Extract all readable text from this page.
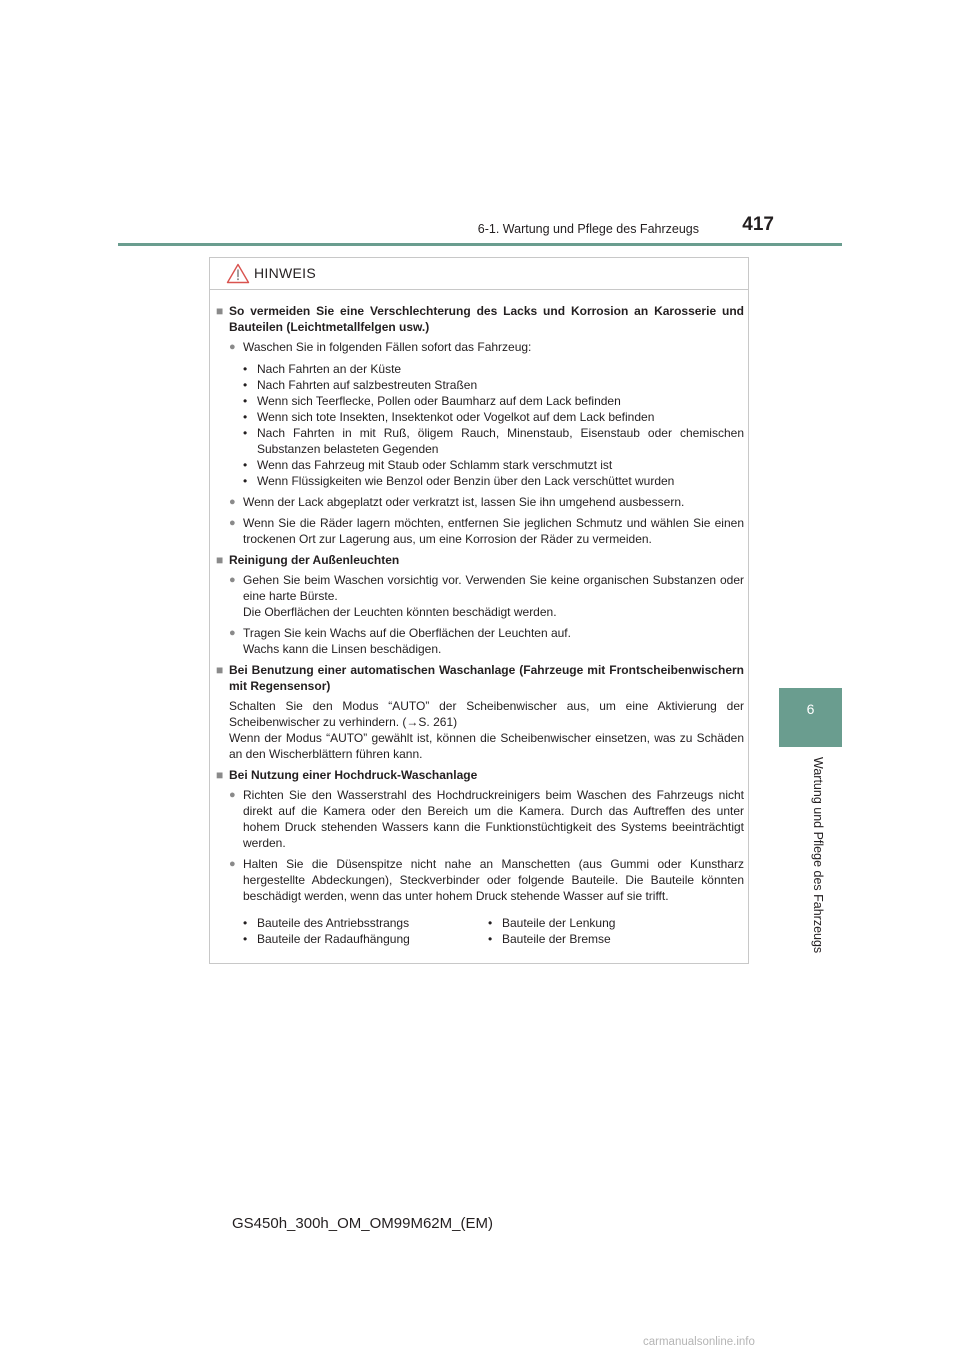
6-1. Wartung und Pflege des Fahrzeugs	417
6
Wartung und Pflege des Fahrzeugs
HINWEIS
■ So vermeiden Sie eine Verschlechterung des Lacks und Korrosion an Karosserie und Bauteilen (Leichtmetallfelgen usw.)
● Waschen Sie in folgenden Fällen sofort das Fahrzeug:
• Nach Fahrten an der Küste
• Nach Fahrten auf salzbestreuten Straßen
• Wenn sich Teerflecke, Pollen oder Baumharz auf dem Lack befinden
• Wenn sich tote Insekten, Insektenkot oder Vogelkot auf dem Lack befinden
• Nach Fahrten in mit Ruß, öligem Rauch, Minenstaub, Eisenstaub oder chemischen Substanzen belasteten Gegenden
• Wenn das Fahrzeug mit Staub oder Schlamm stark verschmutzt ist
• Wenn Flüssigkeiten wie Benzol oder Benzin über den Lack verschüttet wurden
● Wenn der Lack abgeplatzt oder verkratzt ist, lassen Sie ihn umgehend ausbessern.
● Wenn Sie die Räder lagern möchten, entfernen Sie jeglichen Schmutz und wählen Sie einen trockenen Ort zur Lagerung aus, um eine Korrosion der Räder zu vermeiden.
■ Reinigung der Außenleuchten
● Gehen Sie beim Waschen vorsichtig vor. Verwenden Sie keine organischen Substanzen oder eine harte Bürste.
Die Oberflächen der Leuchten könnten beschädigt werden.
● Tragen Sie kein Wachs auf die Oberflächen der Leuchten auf.
Wachs kann die Linsen beschädigen.
■ Bei Benutzung einer automatischen Waschanlage (Fahrzeuge mit Frontscheibenwischern mit Regensensor)
Schalten Sie den Modus “AUTO” der Scheibenwischer aus, um eine Aktivierung der Scheibenwischer zu verhindern. (→S. 261)
Wenn der Modus “AUTO” gewählt ist, können die Scheibenwischer einsetzen, was zu Schäden an den Wischerblättern führen kann.
■ Bei Nutzung einer Hochdruck-Waschanlage
● Richten Sie den Wasserstrahl des Hochdruckreinigers beim Waschen des Fahrzeugs nicht direkt auf die Kamera oder den Bereich um die Kamera. Durch das Auftreffen des unter hohem Druck stehenden Wassers kann die Funktionstüchtigkeit des Systems beeinträchtigt werden.
● Halten Sie die Düsenspitze nicht nahe an Manschetten (aus Gummi oder Kunstharz hergestellte Abdeckungen), Steckverbinder oder folgende Bauteile. Die Bauteile könnten beschädigt werden, wenn das unter hohem Druck stehende Wasser auf sie trifft.
• Bauteile des Antriebsstrangs
• Bauteile der Radaufhängung
• Bauteile der Lenkung
• Bauteile der Bremse
GS450h_300h_OM_OM99M62M_(EM)
carmanualsonline.info
